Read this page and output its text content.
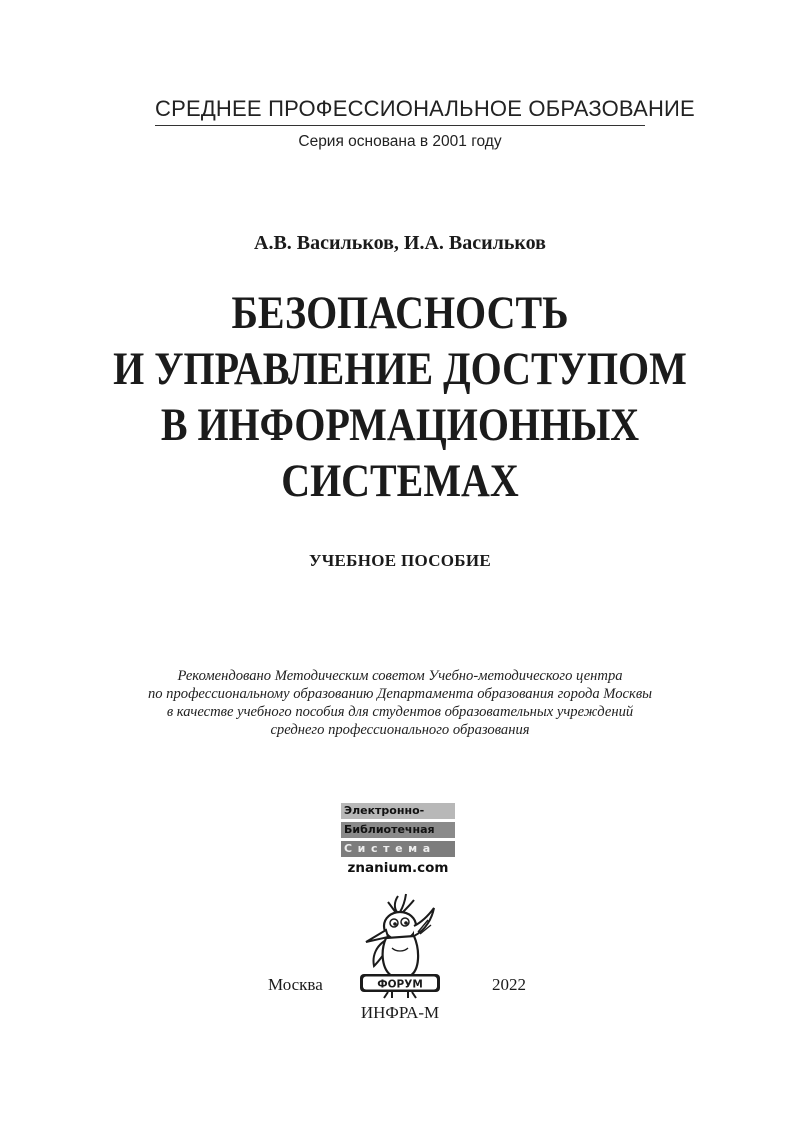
СРЕДНЕЕ ПРОФЕССИОНАЛЬНОЕ ОБРАЗОВАНИЕ
Серия основана в 2001 году
А.В. Васильков, И.А. Васильков
БЕЗОПАСНОСТЬ
И УПРАВЛЕНИЕ ДОСТУПОМ
В ИНФОРМАЦИОННЫХ
СИСТЕМАХ
УЧЕБНОЕ ПОСОБИЕ
Рекомендовано Методическим советом Учебно-методического центра
по профессиональному образованию Департамента образования города Москвы
в качестве учебного пособия для студентов образовательных учреждений
среднего профессионального образования
Электронно-
Библиотечная
Система
znanium.com
ФОРУМ
Москва	2022
ИНФРА-М
